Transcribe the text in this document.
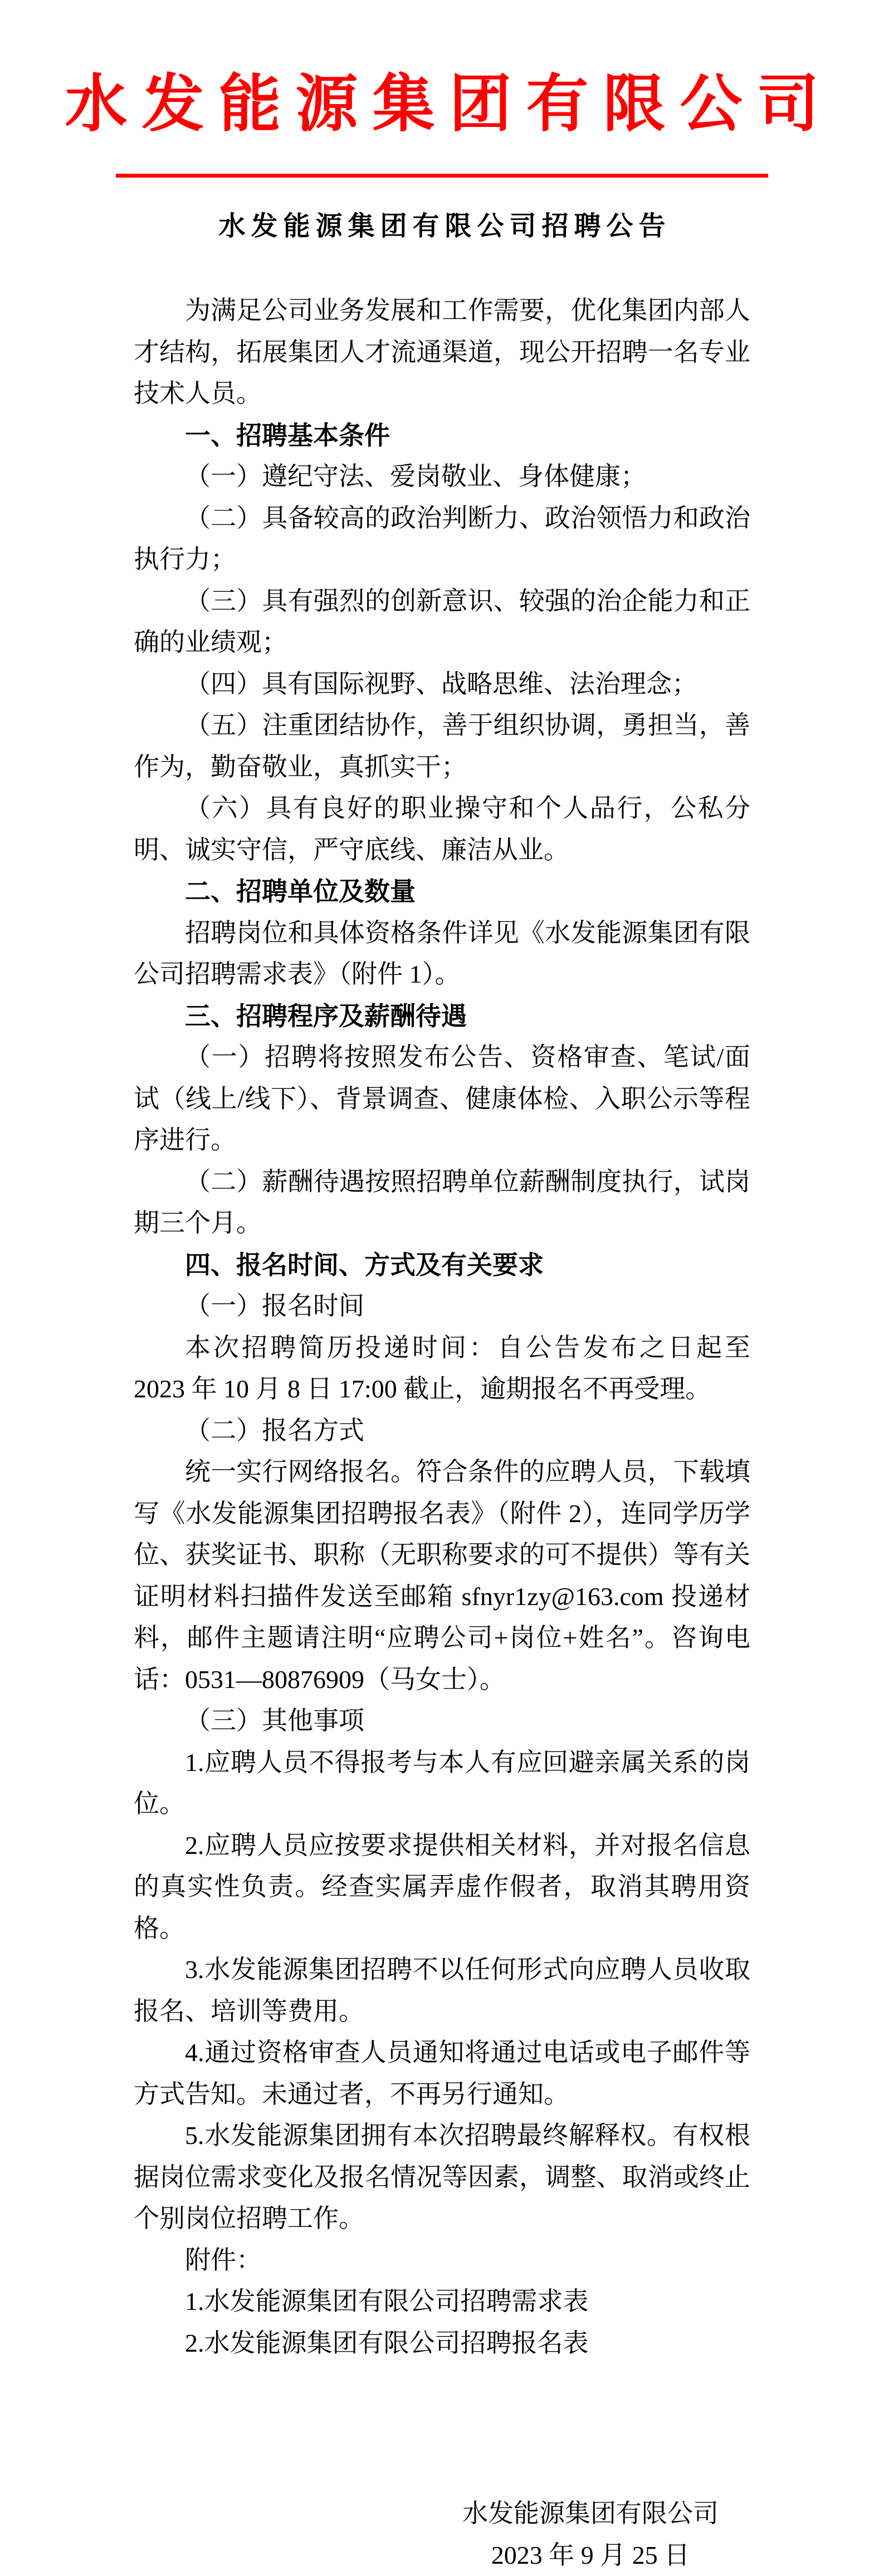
水发能源集团有限公司
水发能源集团有限公司招聘公告

为满足公司业务发展和工作需要，优化集团内部人才结构，拓展集团人才流通渠道，现公开招聘一名专业技术人员。

一、招聘基本条件

（一）遵纪守法、爱岗敬业、身体健康；

（二）具备较高的政治判断力、政治领悟力和政治执行力；

（三）具有强烈的创新意识、较强的治企能力和正确的业绩观；

（四）具有国际视野、战略思维、法治理念；

（五）注重团结协作，善于组织协调，勇担当，善作为，勤奋敬业，真抓实干；

（六）具有良好的职业操守和个人品行，公私分明、诚实守信，严守底线、廉洁从业。

二、招聘单位及数量

招聘岗位和具体资格条件详见《水发能源集团有限公司招聘需求表》（附件 1）。

三、招聘程序及薪酬待遇

（一）招聘将按照发布公告、资格审查、笔试/面试（线上/线下）、背景调查、健康体检、入职公示等程序进行。

（二）薪酬待遇按照招聘单位薪酬制度执行，试岗期三个月。

四、报名时间、方式及有关要求

（一）报名时间

本次招聘简历投递时间：自公告发布之日起至 2023 年 10 月 8 日 17:00 截止，逾期报名不再受理。

（二）报名方式

统一实行网络报名。符合条件的应聘人员，下载填写《水发能源集团招聘报名表》（附件 2），连同学历学位、获奖证书、职称（无职称要求的可不提供）等有关证明材料扫描件发送至邮箱 sfnyr1zy@163.com 投递材料，邮件主题请注明“应聘公司+岗位+姓名”。咨询电话：0531—80876909（马女士）。

（三）其他事项

1.应聘人员不得报考与本人有应回避亲属关系的岗位。

2.应聘人员应按要求提供相关材料，并对报名信息的真实性负责。经查实属弄虚作假者，取消其聘用资格。

3.水发能源集团招聘不以任何形式向应聘人员收取报名、培训等费用。

4.通过资格审查人员通知将通过电话或电子邮件等方式告知。未通过者，不再另行通知。

5.水发能源集团拥有本次招聘最终解释权。有权根据岗位需求变化及报名情况等因素，调整、取消或终止个别岗位招聘工作。

附件：

1.水发能源集团有限公司招聘需求表

2.水发能源集团有限公司招聘报名表

水发能源集团有限公司
2023 年 9 月 25 日
